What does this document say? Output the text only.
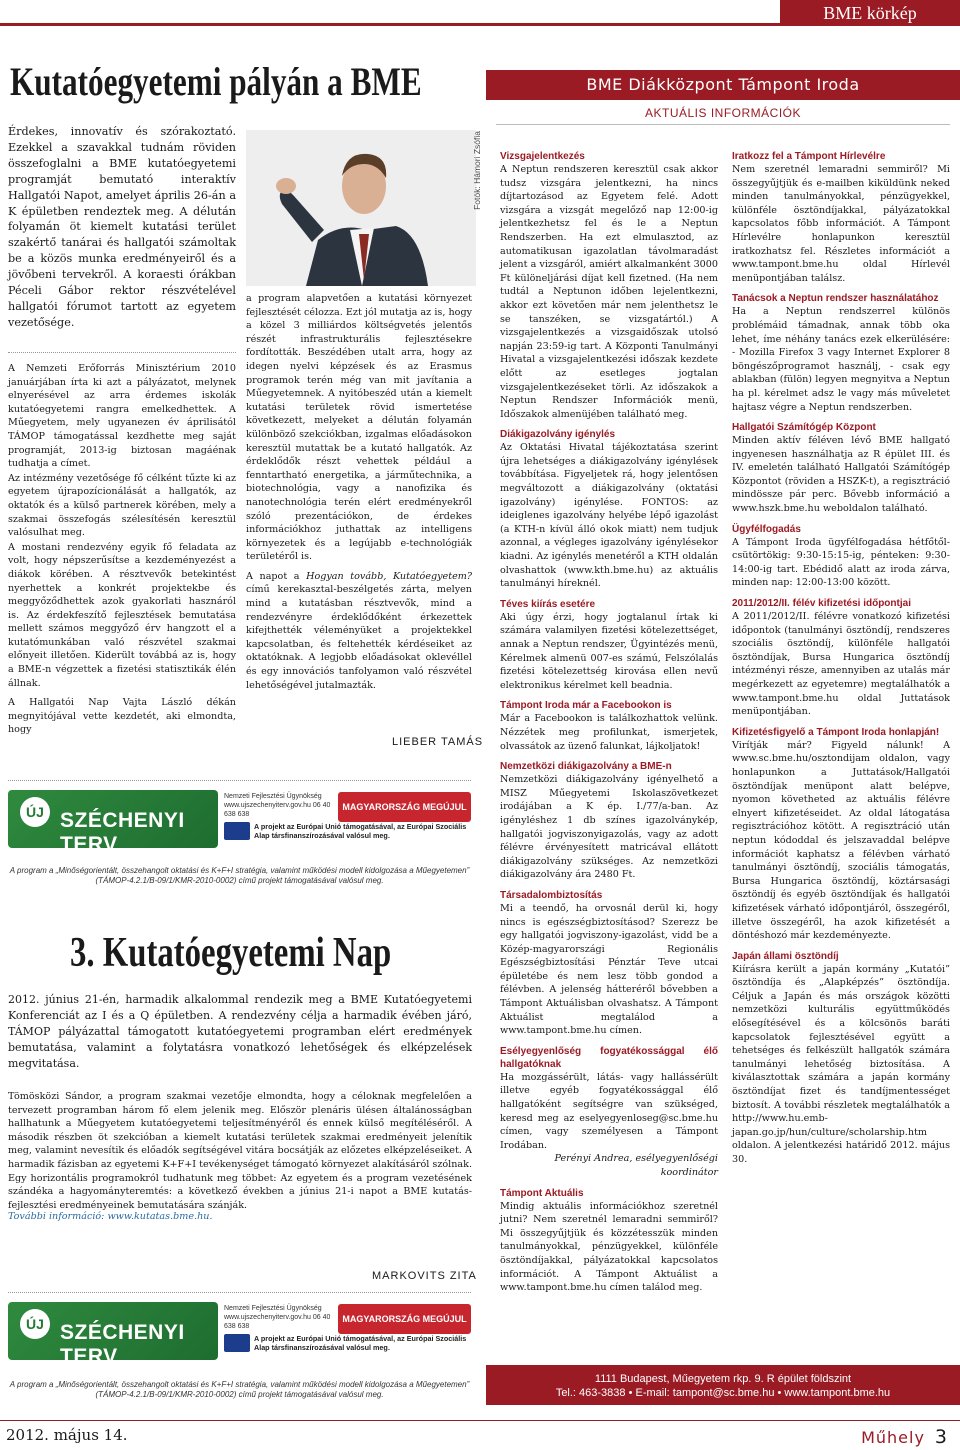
BME körkép
Kutatóegyetemi pályán a BME

Érdekes, innovatív és szórakoztató. Ezekkel a szavakkal tudnám röviden összefoglalni a BME kutatóegyetemi programját bemutató interaktív Hallgatói Napot, amelyet április 26-án a K épületben rendeztek meg. A délután folyamán öt kiemelt kutatási terület szakértő tanárai és hallgatói számoltak be a közös munka eredményeiről és a jövőbeni tervekről. A koraesti órákban Péceli Gábor rektor részvételével hallgatói fórumot tartott az egyetem vezetősége.

A Nemzeti Erőforrás Minisztérium 2010 januárjában írta ki azt a pályázatot, melynek elnyerésével az arra érdemes iskolák kutatóegyetemi rangra emelkedhettek. A Műegyetem, mely ugyanezen év áprilisától TÁMOP támogatással kezdhette meg saját programját, 2013-ig biztosan magáénak tudhatja a címet.

Az intézmény vezetősége fő célként tűzte ki az egyetem újrapozícionálását a hallgatók, az oktatók és a külső partnerek körében, mely a szakmai összefogás szélesítésén keresztül valósulhat meg.

A mostani rendezvény egyik fő feladata az volt, hogy népszerűsítse a kezdeményezést a diákok körében. A résztvevők betekintést nyerhettek a konkrét projektekbe és meggyőződhettek azok gyakorlati hasznáról is. Az érdekfeszítő fejlesztések bemutatása mellett számos meggyőző érv hangzott el a kutatómunkában való részvétel szakmai előnyeit illetően. Kiderült továbbá az is, hogy a BME-n végzettek a fizetési statisztikák élén állnak.

A Hallgatói Nap Vajta László dékán megnyitójával vette kezdetét, aki elmondta, hogy

Fotók: Hámori Zsófia

a program alapvetően a kutatási környezet fejlesztését célozza. Ezt jól mutatja az is, hogy a közel 3 milliárdos költségvetés jelentős részét infrastrukturális fejlesztésekre fordították. Beszédében utalt arra, hogy az idegen nyelvi képzések és az Erasmus programok terén még van mit javítania a Műegyetemnek. A nyitóbeszéd után a kiemelt kutatási területek rövid ismertetése következett, melyeket a délután folyamán különböző szekciókban, izgalmas előadásokon keresztül mutattak be a kutató hallgatók. Az érdeklődők részt vehettek például a fenntartható energetika, a járműtechnika, a biotechnológia, vagy a nanofizika és nanotechnológia terén elért eredményekről szóló prezentációkon, de érdekes információkhoz juthattak az intelligens környezetek és a legújabb e-technológiák területéről is.

A napot a Hogyan tovább, Kutatóegyetem? című kerekasztal-beszélgetés zárta, melyen mind a kutatásban résztvevők, mind a rendezvényre érdeklődőként érkezettek kifejthették véleményüket a projektekkel kapcsolatban, és feltehették kérdéseiket az oktatóknak. A legjobb előadásokat oklevéllel és egy innovációs tanfolyamon való részvétel lehetőségével jutalmazták.

LIEBER TAMÁS
ÚJ SZÉCHENYI TERV
Nemzeti Fejlesztési Ügynökség www.ujszechenyiterv.gov.hu 06 40 638 638
MAGYARORSZÁG MEGÚJUL
A projekt az Európai Unió támogatásával, az Európai Szociális Alap társfinanszírozásával valósul meg.
A program a „Minőségorientált, összehangolt oktatási és K+F+I stratégia, valamint működési modell kidolgozása a Műegyetemen” (TÁMOP-4.2.1/B-09/1/KMR-2010-0002) című projekt támogatásával valósul meg.
3. Kutatóegyetemi Nap

2012. június 21-én, harmadik alkalommal rendezik meg a BME Kutatóegyetemi Konferenciát az I és a Q épületben. A rendezvény célja a harmadik évében járó, TÁMOP pályázattal támogatott kutatóegyetemi programban elért eredmények bemutatása, valamint a folytatásra vonatkozó lehetőségek és elképzelések megvitatása.

Tömösközi Sándor, a program szakmai vezetője elmondta, hogy a céloknak megfelelően a tervezett programban három fő elem jelenik meg. Először plenáris ülésen általánosságban hallhatunk a Műegyetem kutatóegyetemi teljesítményéről és ennek külső megítéléséről. A második részben öt szekcióban a kiemelt kutatási területek szakmai eredményeit jelenítik meg, valamint nevesítik és előadók segítségével vitára bocsátják az előzetes elképzeléseiket. A harmadik fázisban az egyetemi K+F+I tevékenységet támogató környezet alakításáról szólnak. Egy horizontális programokról tudhatunk meg többet: Az egyetem és a program vezetésének szándéka a hagyományteremtés: a következő években a június 21-i napot a BME kutatás-fejlesztési eredményeinek bemutatására szánják.

További információ: www.kutatas.bme.hu.
MARKOVITS ZITA
ÚJ SZÉCHENYI TERV
Nemzeti Fejlesztési Ügynökség www.ujszechenyiterv.gov.hu 06 40 638 638
MAGYARORSZÁG MEGÚJUL
A projekt az Európai Unió támogatásával, az Európai Szociális Alap társfinanszírozásával valósul meg.
A program a „Minőségorientált, összehangolt oktatási és K+F+I stratégia, valamint működési modell kidolgozása a Műegyetemen” (TÁMOP-4.2.1/B-09/1/KMR-2010-0002) című projekt támogatásával valósul meg.
BME Diákközpont Támpont Iroda
AKTUÁLIS INFORMÁCIÓK
Vizsgajelentkezés

A Neptun rendszeren keresztül csak akkor tudsz vizsgára jelentkezni, ha nincs díjtartozásod az Egyetem felé. Adott vizsgára a vizsgát megelőző nap 12:00-ig jelentkezhetsz fel és le a Neptun Rendszerben. Ha ezt elmulasztod, az automatikusan igazolatlan távolmaradást jelent a vizsgáról, amiért alkalmanként 3000 Ft különeljárási díjat kell fizetned. (Ha nem tudtál a Neptunon időben lejelentkezni, akkor ezt követően már nem jelenthetsz le se tanszéken, se vizsgatártól.) A vizsgajelentkezés a vizsgaidőszak utolsó napján 23:59-ig tart. A Központi Tanulmányi Hivatal a vizsgajelentkezési időszak kezdete előtt az esetleges jogtalan vizsgajelentkezéseket törli. Az időszakok a Neptun Rendszer Információk menü, Időszakok almenüjében található meg.

Diákigazolvány igénylés

Az Oktatási Hivatal tájékoztatása szerint újra lehetséges a diákigazolvány igénylések továbbítása. Figyeljetek rá, hogy jelentősen megváltozott a diákigazolvány (oktatási igazolvány) igénylése. FONTOS: az ideiglenes igazolvány helyébe lépő igazolást (a KTH-n kívül álló okok miatt) nem tudjuk azonnal, a végleges igazolvány igénylésekor kiadni. Az igénylés menetéről a KTH oldalán olvashattok (www.kth.bme.hu) az aktuális tanulmányi híreknél.

Téves kiírás esetére

Aki úgy érzi, hogy jogtalanul írtak ki számára valamilyen fizetési kötelezettséget, annak a Neptun rendszer, Ügyintézés menü, Kérelmek almenü 007-es számú, Felszólalás fizetési kötelezettség kirovása ellen nevű elektronikus kérelmet kell beadnia.

Támpont Iroda már a Facebookon is

Már a Facebookon is találkozhattok velünk. Nézzétek meg profilunkat, ismerjetek, olvassátok az üzenő falunkat, lájkoljatok!

Nemzetközi diákigazolvány a BME-n

Nemzetközi diákigazolvány igényelhető a MISZ Műegyetemi Iskolaszövetkezet irodájában a K ép. I./77/a-ban. Az igényléshez 1 db színes igazolványkép, hallgatói jogviszonyigazolás, vagy az adott félévre érvényesített matricával ellátott diákigazolvány szükséges. Az nemzetközi diákigazolvány ára 2480 Ft.

Társadalombiztosítás

Mi a teendő, ha orvosnál derül ki, hogy nincs is egészségbiztosításod? Szerezz be egy hallgatói jogviszony-igazolást, vidd be a Közép-magyarországi Regionális Egészségbiztosítási Pénztár Teve utcai épületébe és nem lesz több gondod a félévben. A jelenség hátteréről bővebben a Támpont Aktuálisban olvashatsz. A Támpont Aktuálist megtalálod a www.tampont.bme.hu címen.

Esélyegyenlőség fogyatékossággal élő hallgatóknak

Ha mozgássérült, látás- vagy hallássérült illetve egyéb fogyatékossággal élő hallgatóként segítségre van szükséged, keresd meg az eselyegyenloseg@sc.bme.hu címen, vagy személyesen a Támpont Irodában.

Perényi Andrea, esélyegyenlőségi koordinátor

Támpont Aktuális

Mindig aktuális információkhoz szeretnél jutni? Nem szeretnél lemaradni semmiről? Mi összegyűjtjük és közzétesszük minden tanulmányokkal, pénzügyekkel, különféle ösztöndíjakkal, pályázatokkal kapcsolatos információt. A Támpont Aktuálist a www.tampont.bme.hu címen találod meg.

Iratkozz fel a Támpont Hírlevélre

Nem szeretnél lemaradni semmiről? Mi összegyűjtjük és e-mailben kiküldünk neked minden tanulmányokkal, pénzügyekkel, különféle ösztöndíjakkal, pályázatokkal kapcsolatos főbb információt. A Támpont Hírlevélre honlapunkon keresztül iratkozhatsz fel. Részletes információt a www.tampont.bme.hu oldal Hírlevél menüpontjában találsz.

Tanácsok a Neptun rendszer használatához

Ha a Neptun rendszerrel különös problémáid támadnak, annak több oka lehet, íme néhány tanács ezek elkerülésére: - Mozilla Firefox 3 vagy Internet Explorer 8 böngészőprogramot használj, - csak egy ablakban (fülön) legyen megnyitva a Neptun ha pl. kérelmet adsz le vagy más műveletet hajtasz végre a Neptun rendszerben.

Hallgatói Számítógép Központ

Minden aktív féléven lévő BME hallgató ingyenesen használhatja az R épület III. és IV. emeletén található Hallgatói Számítógép Központot (röviden a HSZK-t), a regisztráció mindössze pár perc. Bővebb információ a www.hszk.bme.hu weboldalon található.

Ügyfélfogadás

A Támpont Iroda ügyfélfogadása hétfőtől-csütörtökig: 9:30-15:15-ig, pénteken: 9:30-14:00-ig tart. Ebédidő alatt az iroda zárva, minden nap: 12:00-13:00 között.

2011/2012/II. félév kifizetési időpontjai

A 2011/2012/II. félévre vonatkozó kifizetési időpontok (tanulmányi ösztöndíj, rendszeres szociális ösztöndíj, különféle hallgatói ösztöndíjak, Bursa Hungarica ösztöndíj intézményi része, amennyiben az utalás már megérkezett az egyetemre) megtalálhatók a www.tampont.bme.hu oldal Juttatások menüpontjában.

Kifizetésfigyelő a Támpont Iroda honlapján!

Virítják már? Figyeld nálunk! A www.sc.bme.hu/osztondijam oldalon, vagy honlapunkon a Juttatások/Hallgatói ösztöndíjak menüpont alatt belépve, nyomon követheted az aktuális félévre elnyert kifizetéseidet. Az oldal látogatása regisztrációhoz kötött. A regisztráció után neptun kódoddal és jelszavaddal belépve információt kaphatsz a félévben várható tanulmányi ösztöndíj, szociális támogatás, Bursa Hungarica ösztöndíj, köztársasági ösztöndíj és egyéb ösztöndíjak és hallgatói kifizetések várható időpontjáról, összegéről, illetve összegéről, ha azok kifizetését a döntéshozó már kezdeményezte.

Japán állami ösztöndíj

Kiírásra került a japán kormány „Kutatói” ösztöndíja és „Alapképzés” ösztöndíja. Céljuk a Japán és más országok közötti nemzetközi kulturális együttműködés elősegítésével és a kölcsönös baráti kapcsolatok fejlesztésével együtt a tehetséges és felkészült hallgatók számára tanulmányi lehetőség biztosítása. A kiválasztottak számára a japán kormány ösztöndíjat fizet és tandíjmentességet biztosít. A további részletek megtalálhatók a http://www.hu.emb-japan.go.jp/hun/culture/scholarship.htm oldalon. A jelentkezési határidő 2012. május 30.

1111 Budapest, Műegyetem rkp. 9. R épület földszint
Tel.: 463-3838 • E-mail: tampont@sc.bme.hu • www.tampont.bme.hu
2012. május 14.	Műhely 3
